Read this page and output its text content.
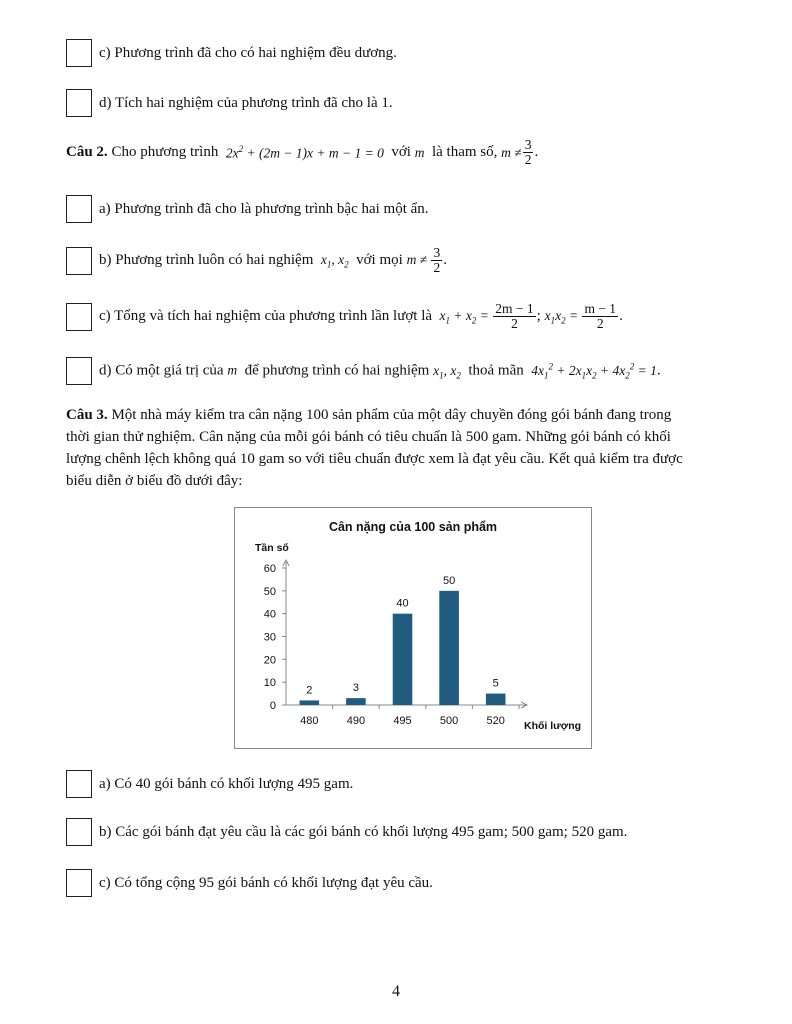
c) Phương trình đã cho có hai nghiệm đều dương.
d) Tích hai nghiệm của phương trình đã cho là 1.
Câu 2.
Cho phương trình
$2x^2 + (2m - 1)x + m - 1 = 0$
với
m
là tham số,
$m \ne \frac{3}{2}$ .
a) Phương trình đã cho là phương trình bậc hai một ẩn.
b) Phương trình luôn có hai nghiệm $x_1$, $x_2$ với mọi $m \ne \frac{3}{2}$ .
c) Tổng và tích hai nghiệm của phương trình lần lượt là $x_1 + x_2 = \frac{2m - 1}{2}$ ; $x_1x_2 = \frac{m - 1}{2}$ .
d) Có một giá trị của m để phương trình có hai nghiệm $x_1$, $x_2$ thoả mãn $4x_1^2 + 2x_1x_2 + 4x_2^2 = 1$.
Câu 3. Một nhà máy kiểm tra cân nặng 100 sản phẩm của một dây chuyền đóng gói bánh đang trong
thời gian thử nghiệm. Cân nặng của mỗi gói bánh có tiêu chuẩn là 500 gam. Những gói bánh có khối
lượng chênh lệch không quá 10 gam so với tiêu chuẩn được xem là đạt yêu cầu. Kết quả kiểm tra được
biểu diễn ở biểu đồ dưới đây:
Cân nặng của 100 sản phẩm
Tần số
Khối lượng
0
10
20
30
40
50
60
2
480
3
490
40
495
50
500
5
520
a) Có 40 gói bánh có khối lượng 495 gam.
b) Các gói bánh đạt yêu cầu là các gói bánh có khối lượng 495 gam; 500 gam; 520 gam.
c) Có tổng cộng 95 gói bánh có khối lượng đạt yêu cầu.
4
